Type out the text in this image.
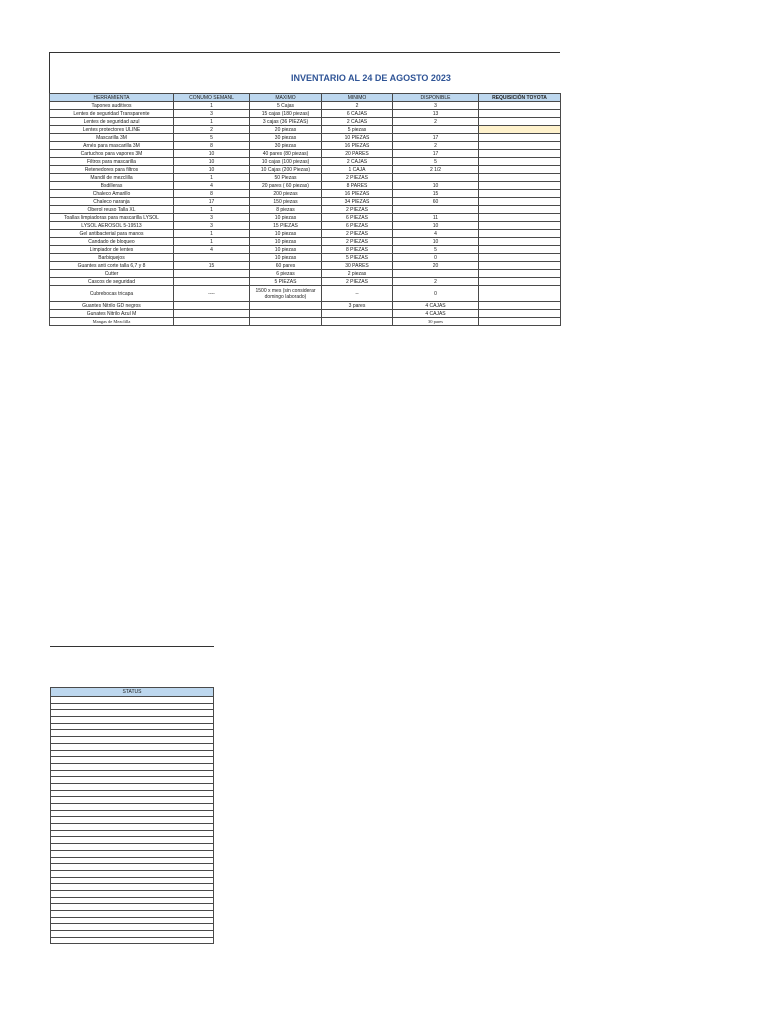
INVENTARIO AL 24 DE AGOSTO 2023
HERRAMIENTA	CONUMO SEMANL	MAXIMO	MINIMO	DISPONIBLE	REQUISICIÓN TOYOTA
Tapones auditivos	1	5 Cajas	2	3	
Lentes de seguridad Transparente	3	15 cajas (180 piezas)	6 CAJAS	13	
Lentes de seguridad azul	1	3 cajas (36 PIEZAS)	2 CAJAS	2	
Lentes protectores ULINE	2	20 piezas	5 piezas		
Mascarilla 3M	5	30 piezas	10 PIEZAS	17	
Arnés para mascarilla 3M	8	30 piezas	16 PIEZAS	2	
Cartuchos para vapores 3M	10	40 pares (80 piezas)	20 PARES	17	
Filtros para mascarilla	10	10 cajas (100 piezas)	2 CAJAS	5	
Retenedores para filtros	10	10 Cajas (200 Piezas)	1 CAJA	2 1/2	
Mandil de mezclilla	1	50 Piezas	2 PIEZAS		
Bsdilleras	4	20 pares ( 60 piezas)	8 PARES	10	
Chaleco Amarillo	8	200 piezas	16 PIEZAS	15	
Chaleco naranja	17	150 piezas	34 PIEZAS	60	
Oberol reuso Talla XL	1	8 piezas	2 PIEZAS		
Toallas limpiadoras para mascarilla LYSOL	3	10 piezas	6 PIEZAS	11	
LYSOL AEROSOL 5-19513	3	15 PIEZAS	6 PIEZAS	10	
Gel antibacterial para manos	1	10 piezas	2 PIEZAS	4	
Candado de bloqueo	1	10 piezas	2 PIEZAS	10	
Limpiador de lentes	4	10 piezas	8 PIEZAS	5	
Barbiquejos		10 piezas	5 PIEZAS	0	
Guantes anti corte talla 6,7 y 8	15	60 pares	30 PARES	20	
Cutter		6 piezas	2 piezas		
Cascos de seguridad		5 PIEZAS	2 PIEZAS	2	
Cubrebocas tricapa	----	1500 x mes (sin considerar domingo laborado)	--	0	
Guantes Nitrilo GD negros			3 pares	4 CAJAS	
Gunates Nitrilo Azul M				4 CAJAS	
Mangas de Mezclilla				30 pares	
STATUS
